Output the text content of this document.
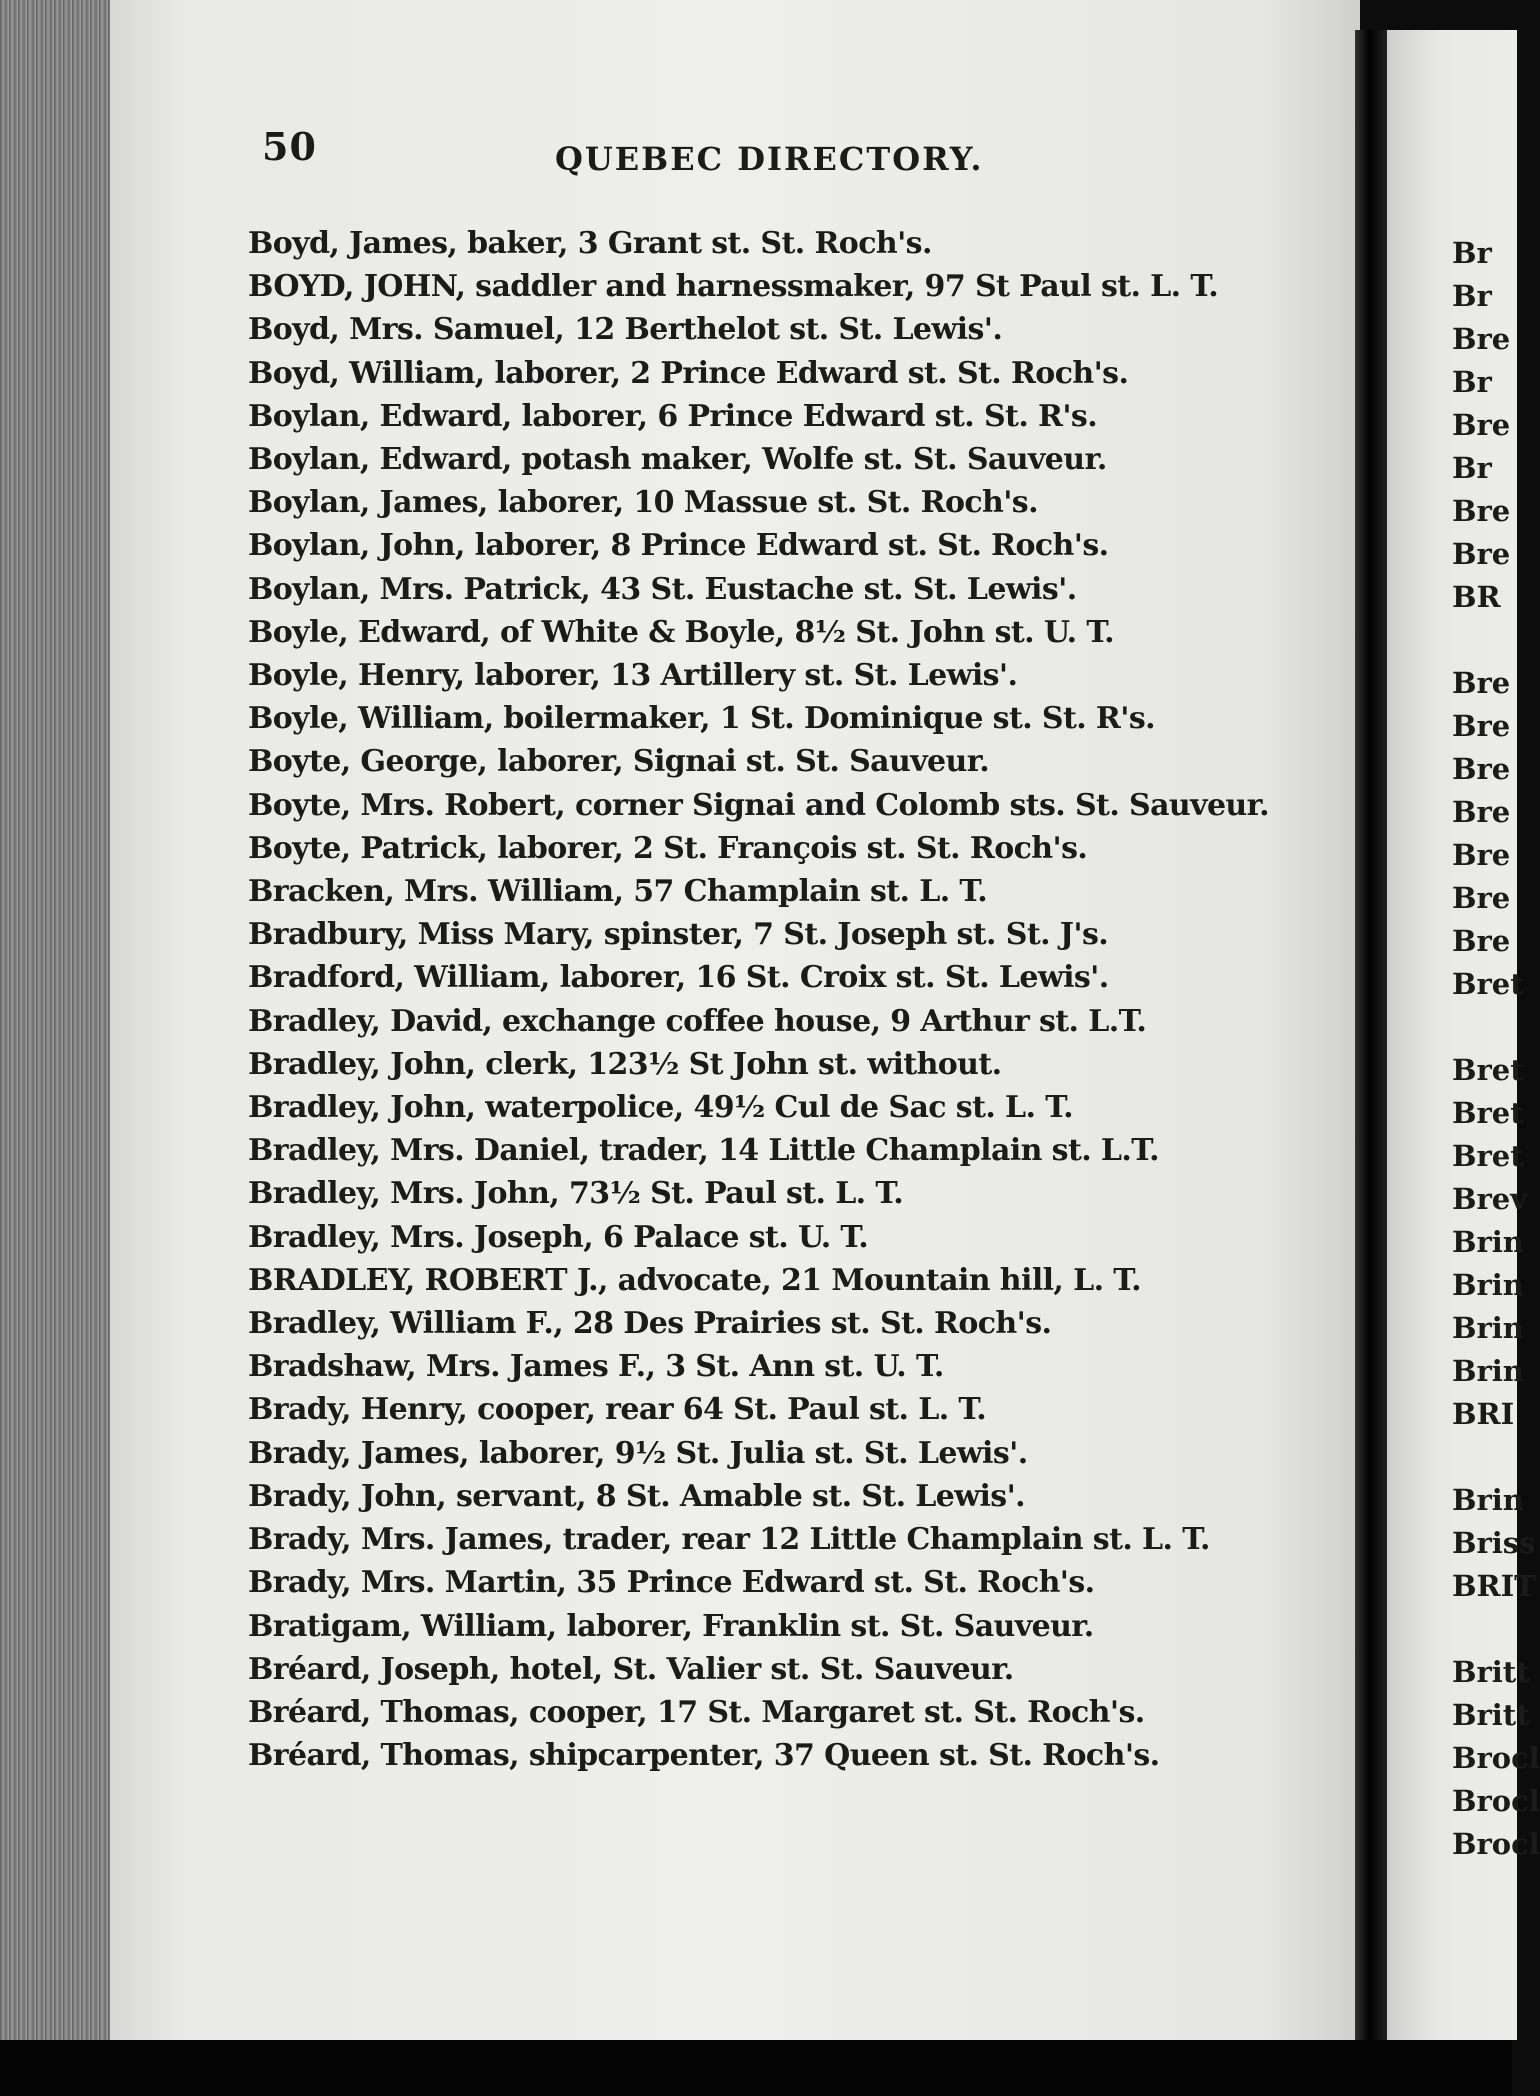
50	QUEBEC DIRECTORY.
Boyd, James, baker, 3 Grant st. St. Roch's.
BOYD, JOHN, saddler and harnessmaker, 97 St Paul st. L. T.
Boyd, Mrs. Samuel, 12 Berthelot st. St. Lewis'.
Boyd, William, laborer, 2 Prince Edward st. St. Roch's.
Boylan, Edward, laborer, 6 Prince Edward st. St. R's.
Boylan, Edward, potash maker, Wolfe st. St. Sauveur.
Boylan, James, laborer, 10 Massue st. St. Roch's.
Boylan, John, laborer, 8 Prince Edward st. St. Roch's.
Boylan, Mrs. Patrick, 43 St. Eustache st. St. Lewis'.
Boyle, Edward, of White & Boyle, 8½ St. John st. U. T.
Boyle, Henry, laborer, 13 Artillery st. St. Lewis'.
Boyle, William, boilermaker, 1 St. Dominique st. St. R's.
Boyte, George, laborer, Signai st. St. Sauveur.
Boyte, Mrs. Robert, corner Signai and Colomb sts. St. Sauveur.
Boyte, Patrick, laborer, 2 St. François st. St. Roch's.
Bracken, Mrs. William, 57 Champlain st. L. T.
Bradbury, Miss Mary, spinster, 7 St. Joseph st. St. J's.
Bradford, William, laborer, 16 St. Croix st. St. Lewis'.
Bradley, David, exchange coffee house, 9 Arthur st. L.T.
Bradley, John, clerk, 123½ St John st. without.
Bradley, John, waterpolice, 49½ Cul de Sac st. L. T.
Bradley, Mrs. Daniel, trader, 14 Little Champlain st. L.T.
Bradley, Mrs. John, 73½ St. Paul st. L. T.
Bradley, Mrs. Joseph, 6 Palace st. U. T.
BRADLEY, ROBERT J., advocate, 21 Mountain hill, L. T.
Bradley, William F., 28 Des Prairies st. St. Roch's.
Bradshaw, Mrs. James F., 3 St. Ann st. U. T.
Brady, Henry, cooper, rear 64 St. Paul st. L. T.
Brady, James, laborer, 9½ St. Julia st. St. Lewis'.
Brady, John, servant, 8 St. Amable st. St. Lewis'.
Brady, Mrs. James, trader, rear 12 Little Champlain st. L. T.
Brady, Mrs. Martin, 35 Prince Edward st. St. Roch's.
Bratigam, William, laborer, Franklin st. St. Sauveur.
Bréard, Joseph, hotel, St. Valier st. St. Sauveur.
Bréard, Thomas, cooper, 17 St. Margaret st. St. Roch's.
Bréard, Thomas, shipcarpenter, 37 Queen st. St. Roch's.
Br
Br
Bre
Br
Bre
Br
Bre
Bre
BR
Bre
Bre
Bre
Bre
Bre
Bre
Bre
Bret
Bret
Bret
Bret
Brev
Brin
Brin
Brin
Brin
BRI
Brin
Briss
BRIT
Britt
Britt
Brocl
Brocl
Brocl
